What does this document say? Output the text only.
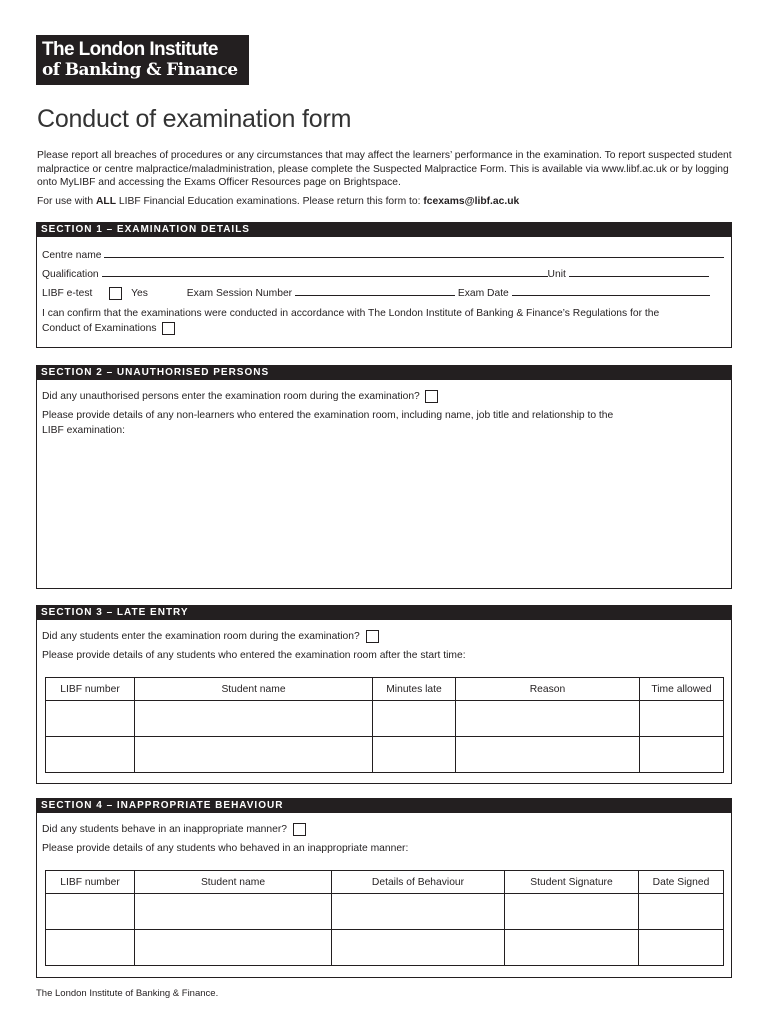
The London Institute
of Banking & Finance
Conduct of examination form
Please report all breaches of procedures or any circumstances that may affect the learners’ performance in the examination. To report suspected student malpractice or centre malpractice/maladministration, please complete the Suspected Malpractice Form. This is available via www.libf.ac.uk or by logging onto MyLIBF and accessing the Exams Officer Resources page on Brightspace.
For use with ALL LIBF Financial Education examinations. Please return this form to: fcexams@libf.ac.uk
SECTION 1 – EXAMINATION DETAILS
Centre name
Qualification	Unit
LIBF e-test	Yes	Exam Session Number	Exam Date
I can confirm that the examinations were conducted in accordance with The London Institute of Banking & Finance’s Regulations for the
Conduct of Examinations
SECTION 2 – UNAUTHORISED PERSONS
Did any unauthorised persons enter the examination room during the examination?
Please provide details of any non-learners who entered the examination room, including name, job title and relationship to the
LIBF examination:
SECTION 3 – LATE ENTRY
Did any students enter the examination room during the examination?
Please provide details of any students who entered the examination room after the start time:
LIBF number	Student name	Minutes late	Reason	Time allowed

SECTION 4 – INAPPROPRIATE BEHAVIOUR
Did any students behave in an inappropriate manner?
Please provide details of any students who behaved in an inappropriate manner:
LIBF number	Student name	Details of Behaviour	Student Signature	Date Signed

The London Institute of Banking & Finance.
